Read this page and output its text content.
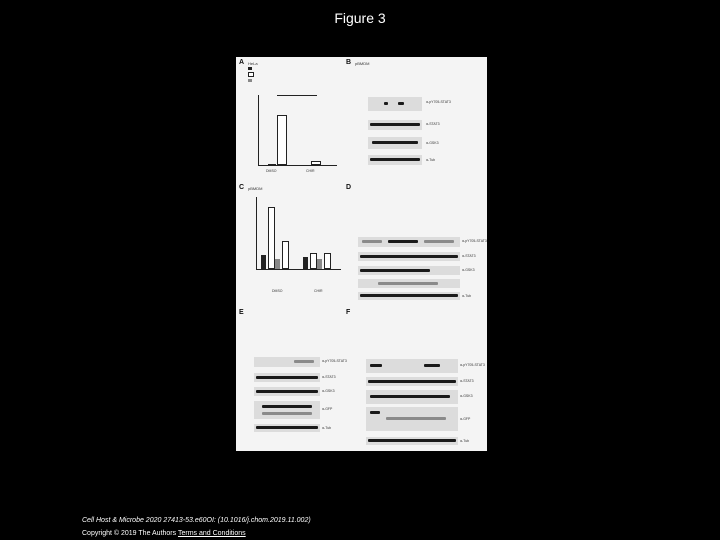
Figure 3
A HeLa
DMSO	CHIR
B pBMDM
α-pY705-STAT3
α-STAT3
α-GSK3
α-Tub
C pBMDM
DMSO	CHIR
D
α-pY705-STAT3
α-STAT3
α-GSK3
α-Tub
E
α-pY705-STAT3
α-STAT3
α-GSK3
α-GFP
α-Tub
F
α-pY705-STAT3
α-STAT3
α-GSK3
α-GFP
α-Tub
Cell Host & Microbe 2020 27413-53.e60OI: (10.1016/j.chom.2019.11.002)
Copyright © 2019 The Authors Terms and Conditions
